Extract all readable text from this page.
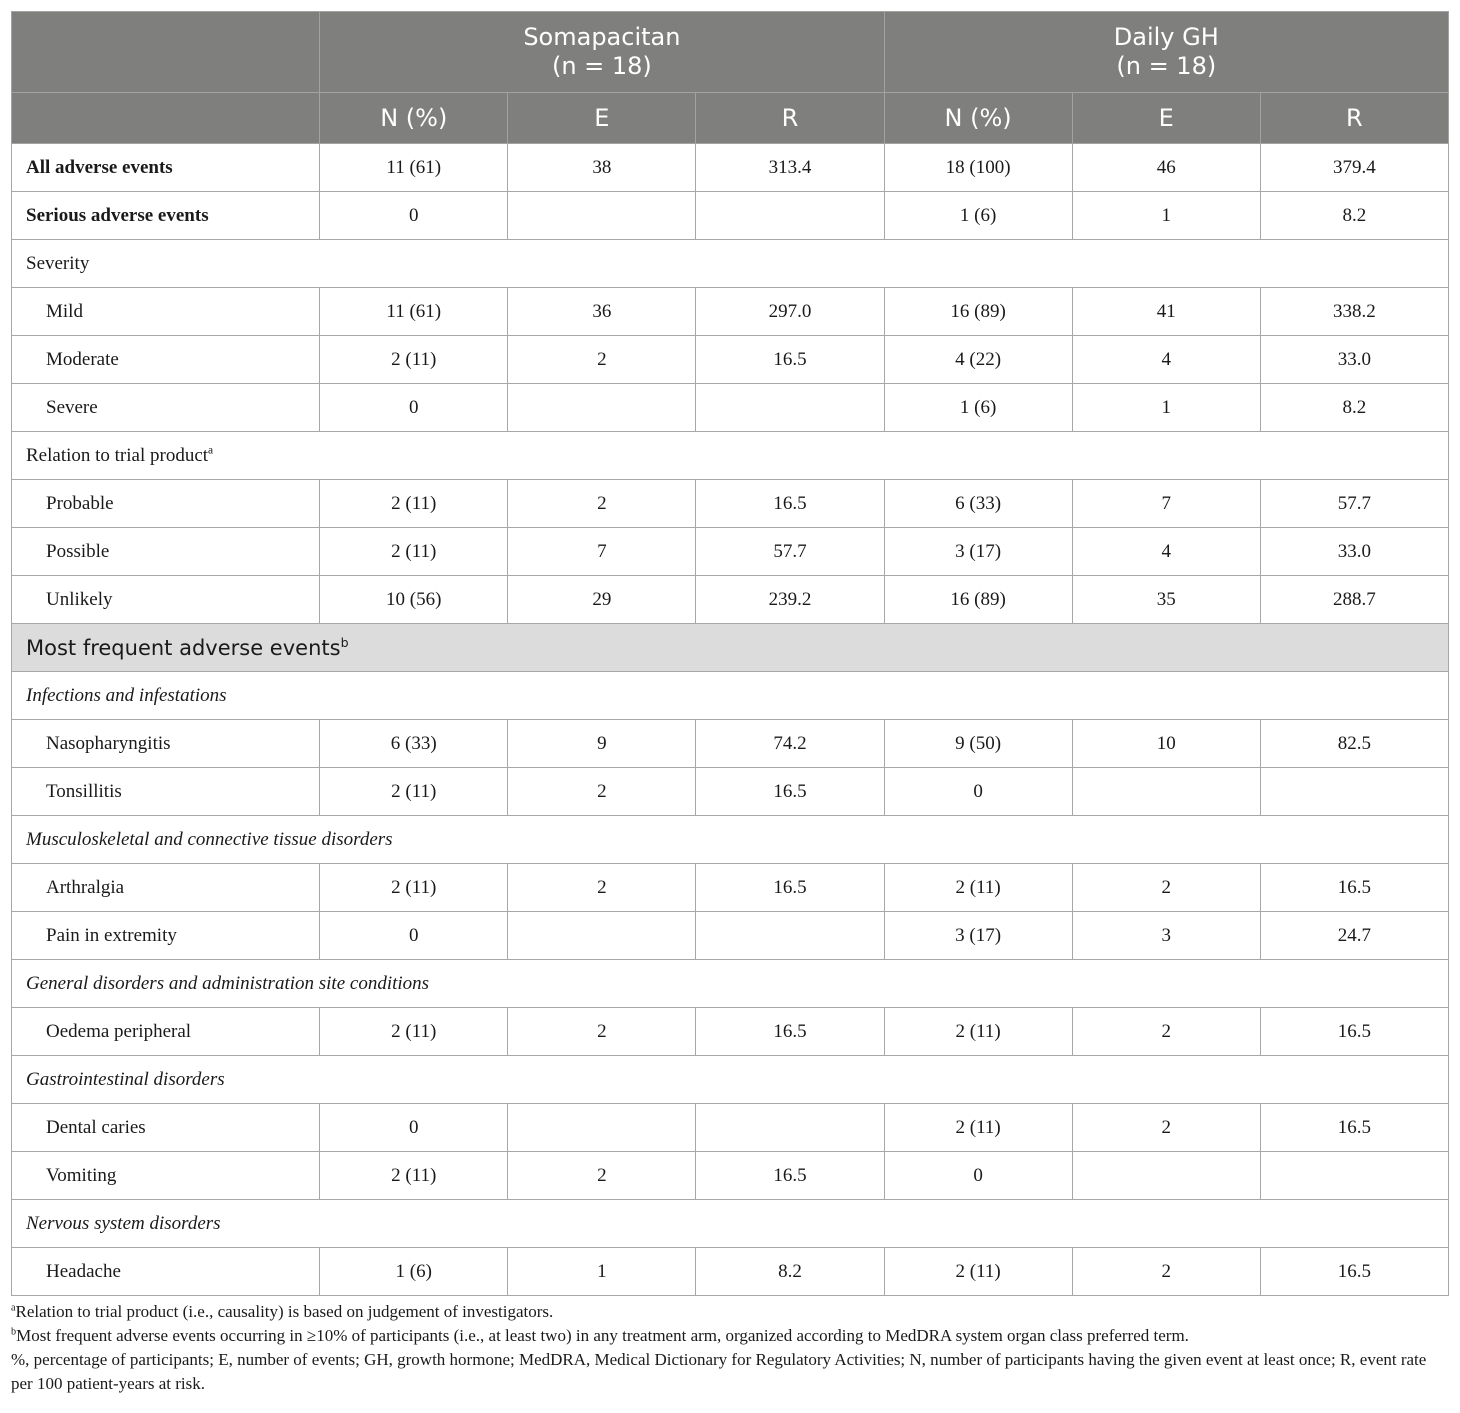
	Somapacitan
(n = 18)			Daily GH
(n = 18)		
	N (%)	E	R	N (%)	E	R
All adverse events	11 (61)	38	313.4	18 (100)	46	379.4
Serious adverse events	0			1 (6)	1	8.2
Severity						
Mild	11 (61)	36	297.0	16 (89)	41	338.2
Moderate	2 (11)	2	16.5	4 (22)	4	33.0
Severe	0			1 (6)	1	8.2
Relation to trial product$^a$
Probable	2 (11)	2	16.5	6 (33)	7	57.7
Possible	2 (11)	7	57.7	3 (17)	4	33.0
Unlikely	10 (56)	29	239.2	16 (89)	35	288.7
Most frequent adverse events$^b$
Infections and infestations						
Nasopharyngitis	6 (33)	9	74.2	9 (50)	10	82.5
Tonsillitis	2 (11)	2	16.5	0		
Musculoskeletal and connective tissue disorders						
Arthralgia	2 (11)	2	16.5	2 (11)	2	16.5
Pain in extremity	0			3 (17)	3	24.7
General disorders and administration site conditions						
Oedema peripheral	2 (11)	2	16.5	2 (11)	2	16.5
Gastrointestinal disorders						
Dental caries	0			2 (11)	2	16.5
Vomiting	2 (11)	2	16.5	0		
Nervous system disorders						
Headache	1 (6)	1	8.2	2 (11)	2	16.5

$^a$Relation to trial product (i.e., causality) is based on judgement of investigators.

$^b$Most frequent adverse events occurring in ≥10% of participants (i.e., at least two) in any treatment arm, organized according to MedDRA system organ class preferred term.

%, percentage of participants; E, number of events; GH, growth hormone; MedDRA, Medical Dictionary for Regulatory Activities; N, number of participants having the given event at least once; R, event rate per 100 patient-years at risk.
